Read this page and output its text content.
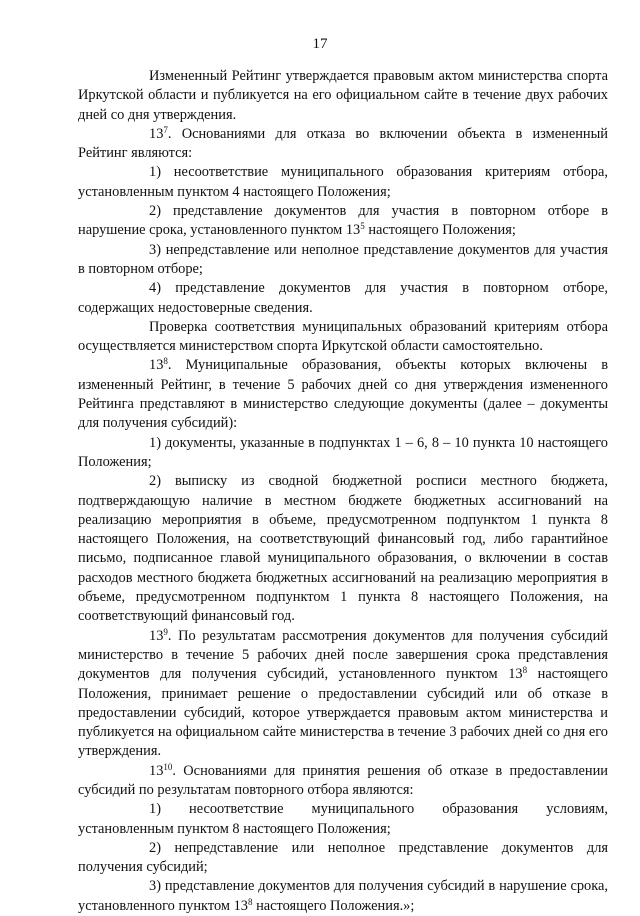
17

Измененный Рейтинг утверждается правовым актом министерства спорта Иркутской области и публикуется на его официальном сайте в течение двух рабочих дней со дня утверждения.

$13^7$. Основаниями для отказа во включении объекта в измененный Рейтинг являются:

1) несоответствие муниципального образования критериям отбора, установленным пунктом 4 настоящего Положения;

2) представление документов для участия в повторном отборе в нарушение срока, установленного пунктом $13^5$ настоящего Положения;

3) непредставление или неполное представление документов для участия в повторном отборе;

4) представление документов для участия в повторном отборе, содержащих недостоверные сведения.

Проверка соответствия муниципальных образований критериям отбора осуществляется министерством спорта Иркутской области самостоятельно.

$13^8$. Муниципальные образования, объекты которых включены в измененный Рейтинг, в течение 5 рабочих дней со дня утверждения измененного Рейтинга представляют в министерство следующие документы (далее – документы для получения субсидий):

1) документы, указанные в подпунктах 1 – 6, 8 – 10 пункта 10 настоящего Положения;

2) выписку из сводной бюджетной росписи местного бюджета, подтверждающую наличие в местном бюджете бюджетных ассигнований на реализацию мероприятия в объеме, предусмотренном подпунктом 1 пункта 8 настоящего Положения, на соответствующий финансовый год, либо гарантийное письмо, подписанное главой муниципального образования, о включении в состав расходов местного бюджета бюджетных ассигнований на реализацию мероприятия в объеме, предусмотренном подпунктом 1 пункта 8 настоящего Положения, на соответствующий финансовый год.

$13^9$. По результатам рассмотрения документов для получения субсидий министерство в течение 5 рабочих дней после завершения срока представления документов для получения субсидий, установленного пунктом $13^8$ настоящего Положения, принимает решение о предоставлении субсидий или об отказе в предоставлении субсидий, которое утверждается правовым актом министерства и публикуется на официальном сайте министерства в течение 3 рабочих дней со дня его утверждения.

$13^{10}$. Основаниями для принятия решения об отказе в предоставлении субсидий по результатам повторного отбора являются:

1) несоответствие муниципального образования условиям, установленным пунктом 8 настоящего Положения;

2) непредставление или неполное представление документов для получения субсидий;

3) представление документов для получения субсидий в нарушение срока, установленного пунктом $13^8$ настоящего Положения.»;
